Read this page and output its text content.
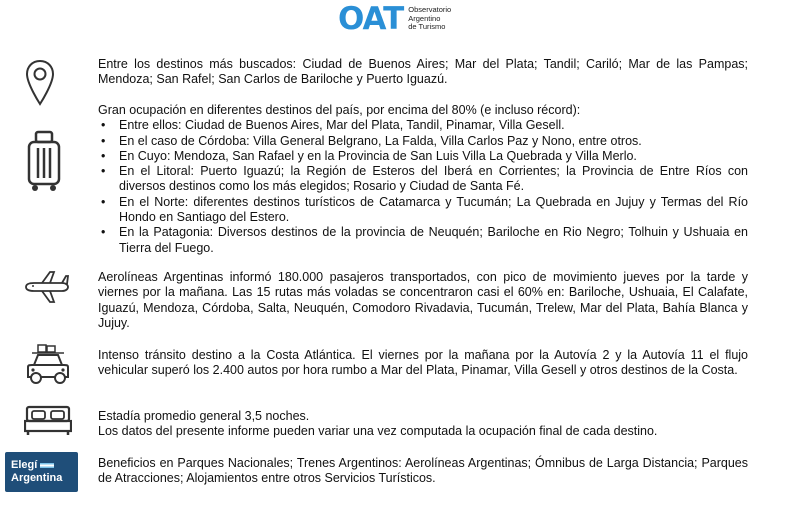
OAT Observatorio
Argentino
de Turismo
Elegí
Argentina

Entre los destinos más buscados: Ciudad de Buenos Aires; Mar del Plata; Tandil; Cariló; Mar de las Pampas; Mendoza; San Rafel; San Carlos de Bariloche y Puerto Iguazú.

Gran ocupación en diferentes destinos del país, por encima del 80% (e incluso récord):

• Entre ellos: Ciudad de Buenos Aires, Mar del Plata, Tandil, Pinamar, Villa Gesell.
• En el caso de Córdoba: Villa General Belgrano, La Falda, Villa Carlos Paz y Nono, entre otros.
• En Cuyo: Mendoza, San Rafael y en la Provincia de San Luis Villa La Quebrada y Villa Merlo.
• En el Litoral: Puerto Iguazú; la Región de Esteros del Iberá en Corrientes; la Provincia de Entre Ríos con diversos destinos como los más elegidos; Rosario y Ciudad de Santa Fé.
• En el Norte: diferentes destinos turísticos de Catamarca y Tucumán; La Quebrada en Jujuy y Termas del Río Hondo en Santiago del Estero.
• En la Patagonia: Diversos destinos de la provincia de Neuquén; Bariloche en Rio Negro; Tolhuin y Ushuaia en Tierra del Fuego.

Aerolíneas Argentinas informó 180.000 pasajeros transportados, con pico de movimiento jueves por la tarde y viernes por la mañana. Las 15 rutas más voladas se concentraron casi el 60% en: Bariloche, Ushuaia, El Calafate, Iguazú, Mendoza, Córdoba, Salta, Neuquén, Comodoro Rivadavia, Tucumán, Trelew, Mar del Plata, Bahía Blanca y Jujuy.

Intenso tránsito destino a la Costa Atlántica. El viernes por la mañana por la Autovía 2 y la Autovía 11 el flujo vehicular superó los 2.400 autos por hora rumbo a Mar del Plata, Pinamar, Villa Gesell y otros destinos de la Costa.

Estadía promedio general 3,5 noches.

Los datos del presente informe pueden variar una vez computada la ocupación final de cada destino.

Beneficios en Parques Nacionales; Trenes Argentinos: Aerolíneas Argentinas; Ómnibus de Larga Distancia; Parques de Atracciones; Alojamientos entre otros Servicios Turísticos.
